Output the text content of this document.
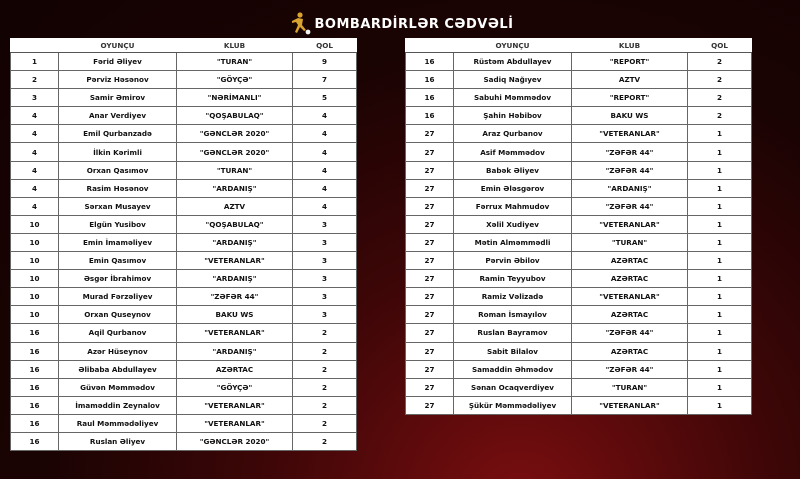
BOMBARDİRLƏR CƏDVƏLİ
	OYUNÇU	KLUB	QOL
1	Fərid Əliyev	"TURAN"	9
2	Pərviz Həsənov	"GÖYÇƏ"	7
3	Samir Əmirov	"NƏRİMANLI"	5
4	Anar Verdiyev	"QOŞABULAQ"	4
4	Emil Qurbanzadə	"GƏNCLƏR 2020"	4
4	İlkin Kərimli	"GƏNCLƏR 2020"	4
4	Orxan Qasımov	"TURAN"	4
4	Rasim Həsənov	"ARDANIŞ"	4
4	Sərxan Musayev	AZTV	4
10	Elgün Yusibov	"QOŞABULAQ"	3
10	Emin İmaməliyev	"ARDANIŞ"	3
10	Emin Qasımov	"VETERANLAR"	3
10	Əsgər İbrahimov	"ARDANIŞ"	3
10	Murad Fərzəliyev	"ZƏFƏR 44"	3
10	Orxan Quseynov	BAKU WS	3
16	Aqil Qurbanov	"VETERANLAR"	2
16	Azər Hüseynov	"ARDANIŞ"	2
16	Əlibaba Abdullayev	AZƏRTAC	2
16	Güvən Məmmədov	"GÖYÇƏ"	2
16	İmaməddin Zeynalov	"VETERANLAR"	2
16	Raul Məmmədəliyev	"VETERANLAR"	2
16	Ruslan Əliyev	"GƏNCLƏR 2020"	2
	OYUNÇU	KLUB	QOL
16	Rüstəm Abdullayev	"REPORT"	2
16	Sadiq Nağıyev	AZTV	2
16	Sabuhi Məmmədov	"REPORT"	2
16	Şahin Həbibov	BAKU WS	2
27	Araz Qurbanov	"VETERANLAR"	1
27	Asif Məmmədov	"ZƏFƏR 44"	1
27	Babək Əliyev	"ZƏFƏR 44"	1
27	Emin Ələsgərov	"ARDANIŞ"	1
27	Fərrux Mahmudov	"ZƏFƏR 44"	1
27	Xəlil Xudiyev	"VETERANLAR"	1
27	Mətin Alməmmədli	"TURAN"	1
27	Pərvin Əbilov	AZƏRTAC	1
27	Ramin Teyyubov	AZƏRTAC	1
27	Ramiz Vəlizadə	"VETERANLAR"	1
27	Roman İsmayılov	AZƏRTAC	1
27	Ruslan Bayramov	"ZƏFƏR 44"	1
27	Sabit Bilalov	AZƏRTAC	1
27	Samaddin Əhmədov	"ZƏFƏR 44"	1
27	Sənan Ocaqverdiyev	"TURAN"	1
27	Şükür Məmmədəliyev	"VETERANLAR"	1
